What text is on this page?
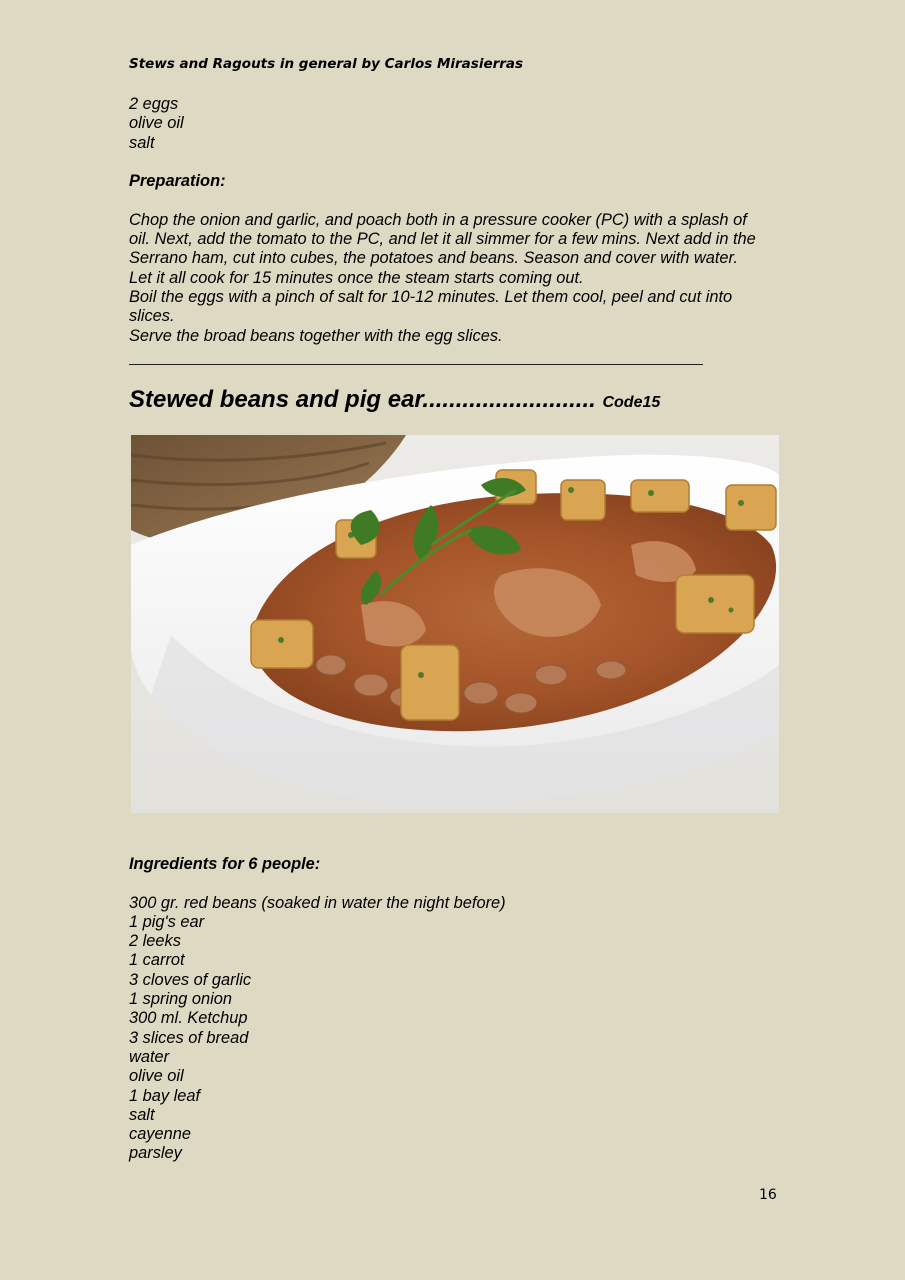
Stews and Ragouts in general by Carlos Mirasierras
2 eggs
olive oil
salt
Preparation:
Chop the onion and garlic, and poach both in a pressure cooker (PC) with a splash of
oil. Next, add the tomato to the PC, and let it all simmer for a few mins. Next add in the
Serrano ham, cut into cubes, the potatoes and beans. Season and cover with water.
Let it all cook for 15 minutes once the steam starts coming out.
Boil the eggs with a pinch of salt for 10-12 minutes. Let them cool, peel and cut into
slices.
Serve the broad beans together with the egg slices.
Stewed beans and pig ear.......................... Code15
Ingredients for 6 people:
300 gr. red beans (soaked in water the night before)
1 pig's ear
2 leeks
1 carrot
3 cloves of garlic
1 spring onion
300 ml. Ketchup
3 slices of bread
water
olive oil
1 bay leaf
salt
cayenne
parsley
16
